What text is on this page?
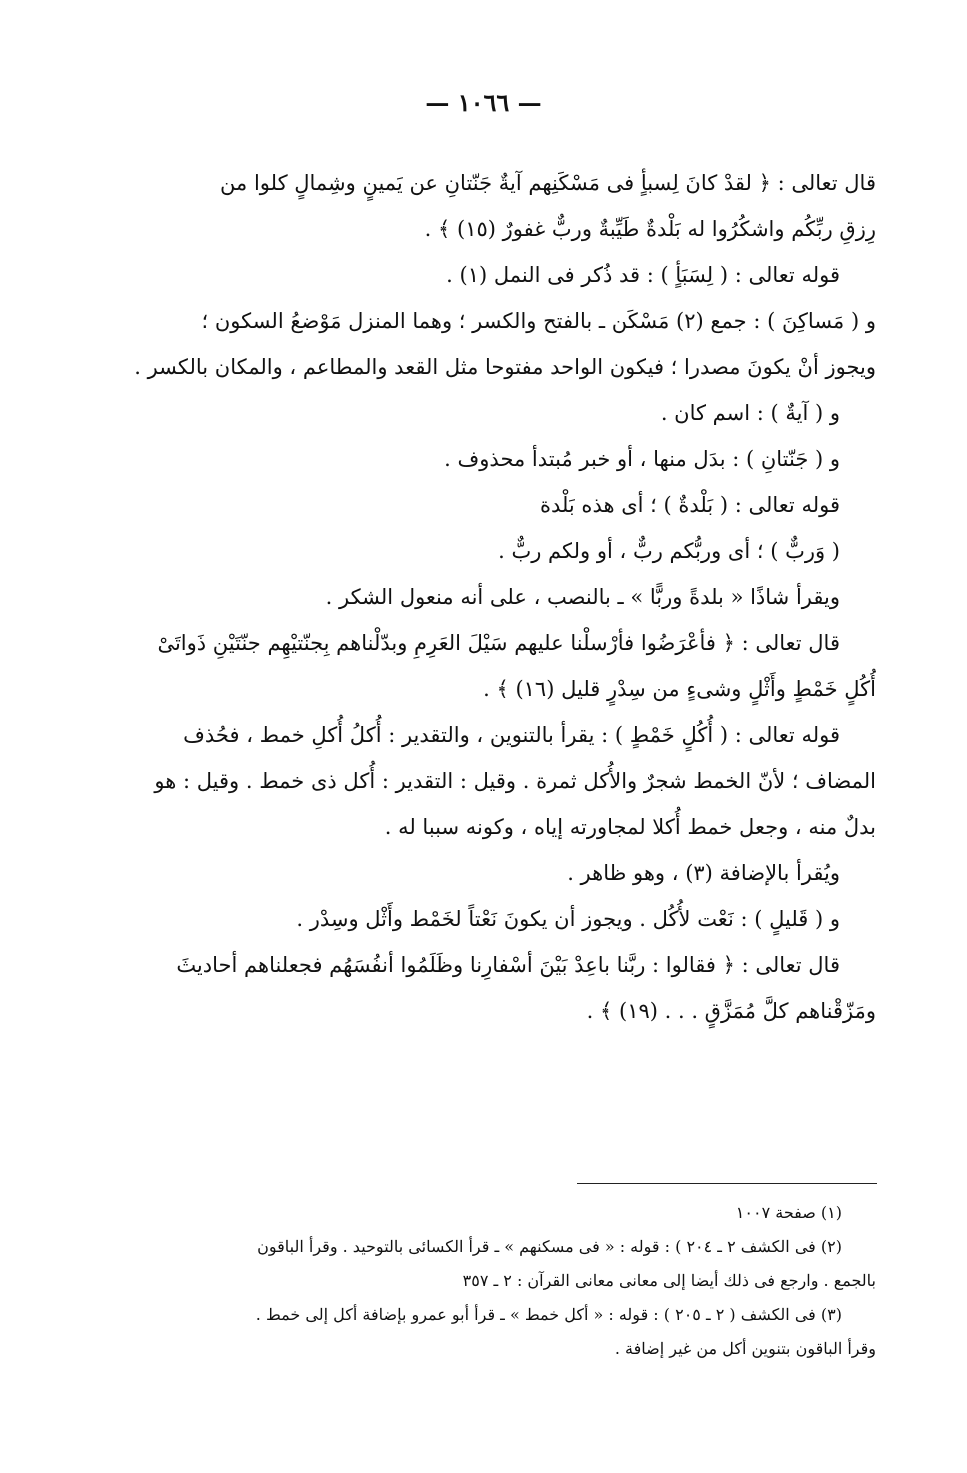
— ١٠٦٦ —
قال تعالى : ﴿ لقدْ كانَ لِسبأٍ فى مَسْكَنِهم آيةٌ جَنّتانِ عن يَمينٍ وشِمالٍ كلوا من
رِزقِ ربِّكُم واشكُرُوا له بَلْدةٌ طَيِّبةٌ وربٌّ غفورٌ (١٥) ﴾ .
قوله تعالى : ( لِسَبَأٍ ) : قد ذُكر فى النمل (١) .
و ( مَساكِنَ ) : جمع (٢) مَسْكَن ـ بالفتح والكسر ؛ وهما المنزل مَوْضعُ السكون ؛
ويجوز أنْ يكونَ مصدرا ؛ فيكون الواحد مفتوحا مثل القعد والمطاعم ، والمكان بالكسر .
و ( آيةٌ ) : اسم كان .
و ( جَنّتانِ ) : بدَل منها ، أو خبر مُبتدأ محذوف .
قوله تعالى : ( بَلْدةٌ ) ؛ أى هذه بَلْدة
( وَربٌّ ) ؛ أى وربُّكم ربٌّ ، أو ولكم ربٌّ .
ويقرأ شاذًا « بلدةً وربًّا » ـ بالنصب ، على أنه منعول الشكر .
قال تعالى : ﴿ فأعْرَضُوا فأرْسلْنا عليهم سَيْلَ العَرِمِ وبدّلْناهم بِجنّتيْهِم جنّتَيْنِ ذَواتَىْ
أُكُلٍ خَمْطٍ وأَثْلٍ وشىءٍ من سِدْرٍ قليل (١٦) ﴾ .
قوله تعالى : ( أُكُلٍ خَمْطٍ ) : يقرأ بالتنوين ، والتقدير : أُكلُ أُكلِ خمط ، فحُذف
المضاف ؛ لأنّ الخمط شجرٌ والأُكل ثمرة . وقيل : التقدير : أُكل ذى خمط . وقيل : هو
بدلٌ منه ، وجعل خمط أُكلا لمجاورته إياه ، وكونه سببا له .
ويُقرأ بالإضافة (٣) ، وهو ظاهر .
و ( قَليلٍ ) : نَعْت لأُكُل . ويجوز أن يكونَ نَعْتاً لخَمْط وأَثْل وسِدْر .
قال تعالى : ﴿ فقالوا : ربَّنا باعِدْ بَيْنَ أسْفارِنا وظَلَمُوا أنفُسَهُم فجعلناهم أحاديثَ
ومَزّقْناهم كلَّ مُمَزَّقٍ . . . (١٩) ﴾ .
(١) صفحة ١٠٠٧
(٢) فى الكشف ٢ ـ ٢٠٤ ) : قوله : « فى مسكنهم » ـ قرأ الكسائى بالتوحيد . وقرأ الباقون
بالجمع . وارجع فى ذلك أيضا إلى معانى معانى القرآن : ٢ ـ ٣٥٧
(٣) فى الكشف ( ٢ ـ ٢٠٥ ) : قوله : « أكل خمط » ـ قرأ أبو عمرو بإضافة أكل إلى خمط .
وقرأ الباقون بتنوين أكل من غير إضافة .
